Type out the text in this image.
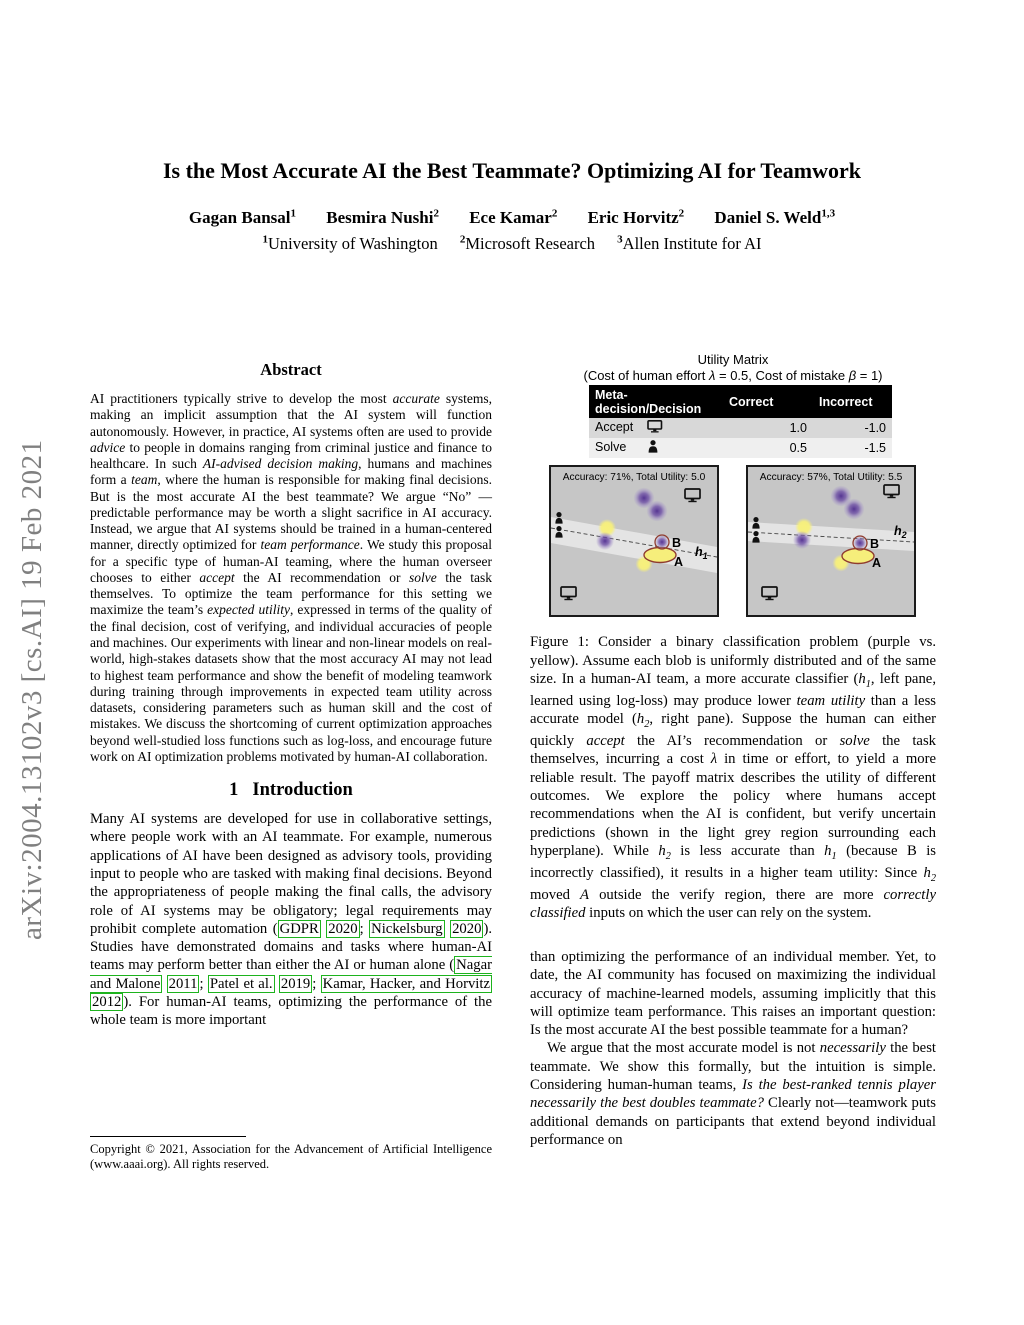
arXiv:2004.13102v3 [cs.AI] 19 Feb 2021
Is the Most Accurate AI the Best Teammate? Optimizing AI for Teamwork
Gagan Bansal$^1$ Besmira Nushi$^2$ Ece Kamar$^2$ Eric Horvitz$^2$ Daniel S. Weld$^{1,3}$
$^1$University of Washington $^2$Microsoft Research $^3$Allen Institute for AI
Abstract
AI practitioners typically strive to develop the most accurate systems, making an implicit assumption that the AI system will function autonomously. However, in practice, AI systems often are used to provide advice to people in domains ranging from criminal justice and finance to healthcare. In such AI-advised decision making, humans and machines form a team, where the human is responsible for making final decisions. But is the most accurate AI the best teammate? We argue “No” — predictable performance may be worth a slight sacrifice in AI accuracy. Instead, we argue that AI systems should be trained in a human-centered manner, directly optimized for team performance. We study this proposal for a specific type of human-AI teaming, where the human overseer chooses to either accept the AI recommendation or solve the task themselves. To optimize the team performance for this setting we maximize the team’s expected utility, expressed in terms of the quality of the final decision, cost of verifying, and individual accuracies of people and machines. Our experiments with linear and non-linear models on real-world, high-stakes datasets show that the most accuracy AI may not lead to highest team performance and show the benefit of modeling teamwork during training through improvements in expected team utility across datasets, considering parameters such as human skill and the cost of mistakes. We discuss the shortcoming of current optimization approaches beyond well-studied loss functions such as log-loss, and encourage future work on AI optimization problems motivated by human-AI collaboration.
1 Introduction
Many AI systems are developed for use in collaborative settings, where people work with an AI teammate. For example, numerous applications of AI have been designed as advisory tools, providing input to people who are tasked with making final decisions. Beyond the appropriateness of people making the final calls, the advisory role of AI systems may be obligatory; legal requirements may prohibit complete automation ( GDPR 2020 ; Nickelsburg 2020 ). Studies have demonstrated domains and tasks where human-AI teams may perform better than either the AI or human alone ( Nagar and Malone 2011 ; Patel et al. 2019 ; Kamar, Hacker, and Horvitz 2012 ). For human-AI teams, optimizing the performance of the whole team is more important
Copyright © 2021, Association for the Advancement of Artificial Intelligence (www.aaai.org). All rights reserved.
Utility Matrix
(Cost of human effort λ = 0.5, Cost of mistake β = 1)
Meta-decision/Decision	Correct	Incorrect
Accept	1.0	-1.0
Solve	0.5	-1.5
Accuracy: 71%, Total Utility: 5.0
B
A
$h_1$
Accuracy: 57%, Total Utility: 5.5
B
A
$h_2$
Figure 1: Consider a binary classification problem (purple vs. yellow). Assume each blob is uniformly distributed and of the same size. In a human-AI team, a more accurate classifier ($h_1$, left pane, learned using log-loss) may produce lower team utility than a less accurate model ($h_2$, right pane). Suppose the human can either quickly accept the AI’s recommendation or solve the task themselves, incurring a cost λ in time or effort, to yield a more reliable result. The payoff matrix describes the utility of different outcomes. We explore the policy where humans accept recommendations when the AI is confident, but verify uncertain predictions (shown in the light grey region surrounding each hyperplane). While $h_2$ is less accurate than $h_1$ (because B is incorrectly classified), it results in a higher team utility: Since $h_2$ moved A outside the verify region, there are more correctly classified inputs on which the user can rely on the system.
than optimizing the performance of an individual member. Yet, to date, the AI community has focused on maximizing the individual accuracy of machine-learned models, assuming implicitly that this will optimize team performance. This raises an important question: Is the most accurate AI the best possible teammate for a human?
We argue that the most accurate model is not necessarily the best teammate. We show this formally, but the intuition is simple. Considering human-human teams, Is the best-ranked tennis player necessarily the best doubles teammate? Clearly not—teamwork puts additional demands on participants that extend beyond individual performance on
